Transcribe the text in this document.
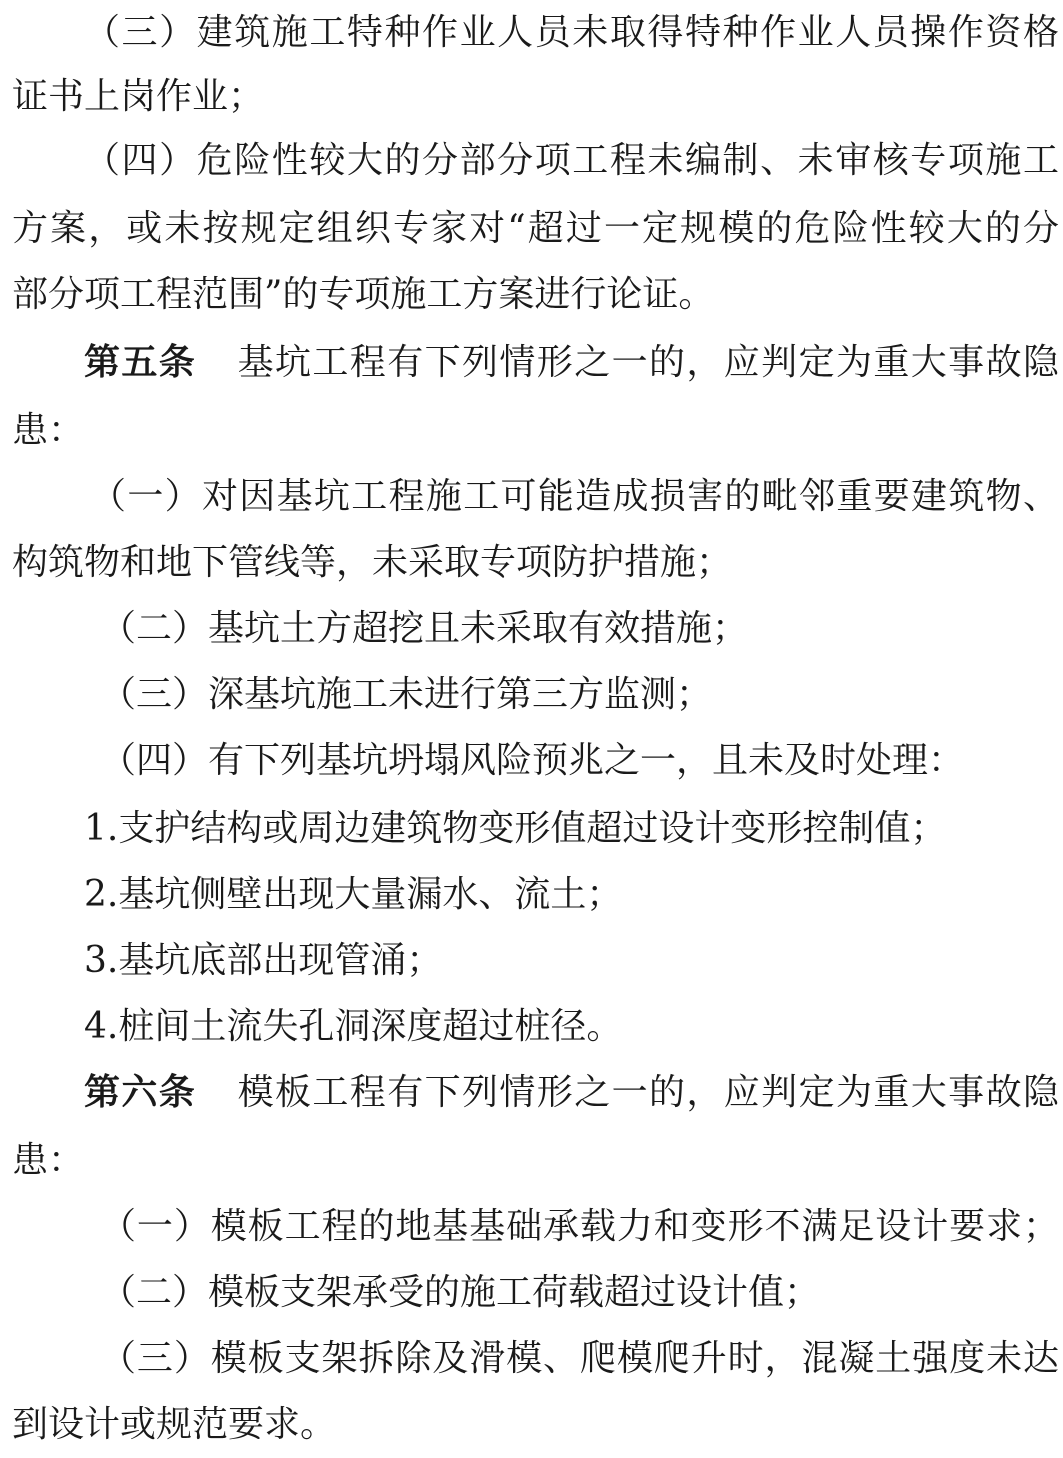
（三）建筑施工特种作业人员未取得特种作业人员操作资格
证书上岗作业；
（四）危险性较大的分部分项工程未编制、未审核专项施工
方案，或未按规定组织专家对“超过一定规模的危险性较大的分
部分项工程范围”的专项施工方案进行论证。
第五条 基坑工程有下列情形之一的，应判定为重大事故隐
患：
（一）对因基坑工程施工可能造成损害的毗邻重要建筑物、
构筑物和地下管线等，未采取专项防护措施；
（二）基坑土方超挖且未采取有效措施；
（三）深基坑施工未进行第三方监测；
（四）有下列基坑坍塌风险预兆之一，且未及时处理：
1.支护结构或周边建筑物变形值超过设计变形控制值；
2.基坑侧壁出现大量漏水、流土；
3.基坑底部出现管涌；
4.桩间土流失孔洞深度超过桩径。
第六条 模板工程有下列情形之一的，应判定为重大事故隐
患：
（一）模板工程的地基基础承载力和变形不满足设计要求；
（二）模板支架承受的施工荷载超过设计值；
（三）模板支架拆除及滑模、爬模爬升时，混凝土强度未达
到设计或规范要求。
